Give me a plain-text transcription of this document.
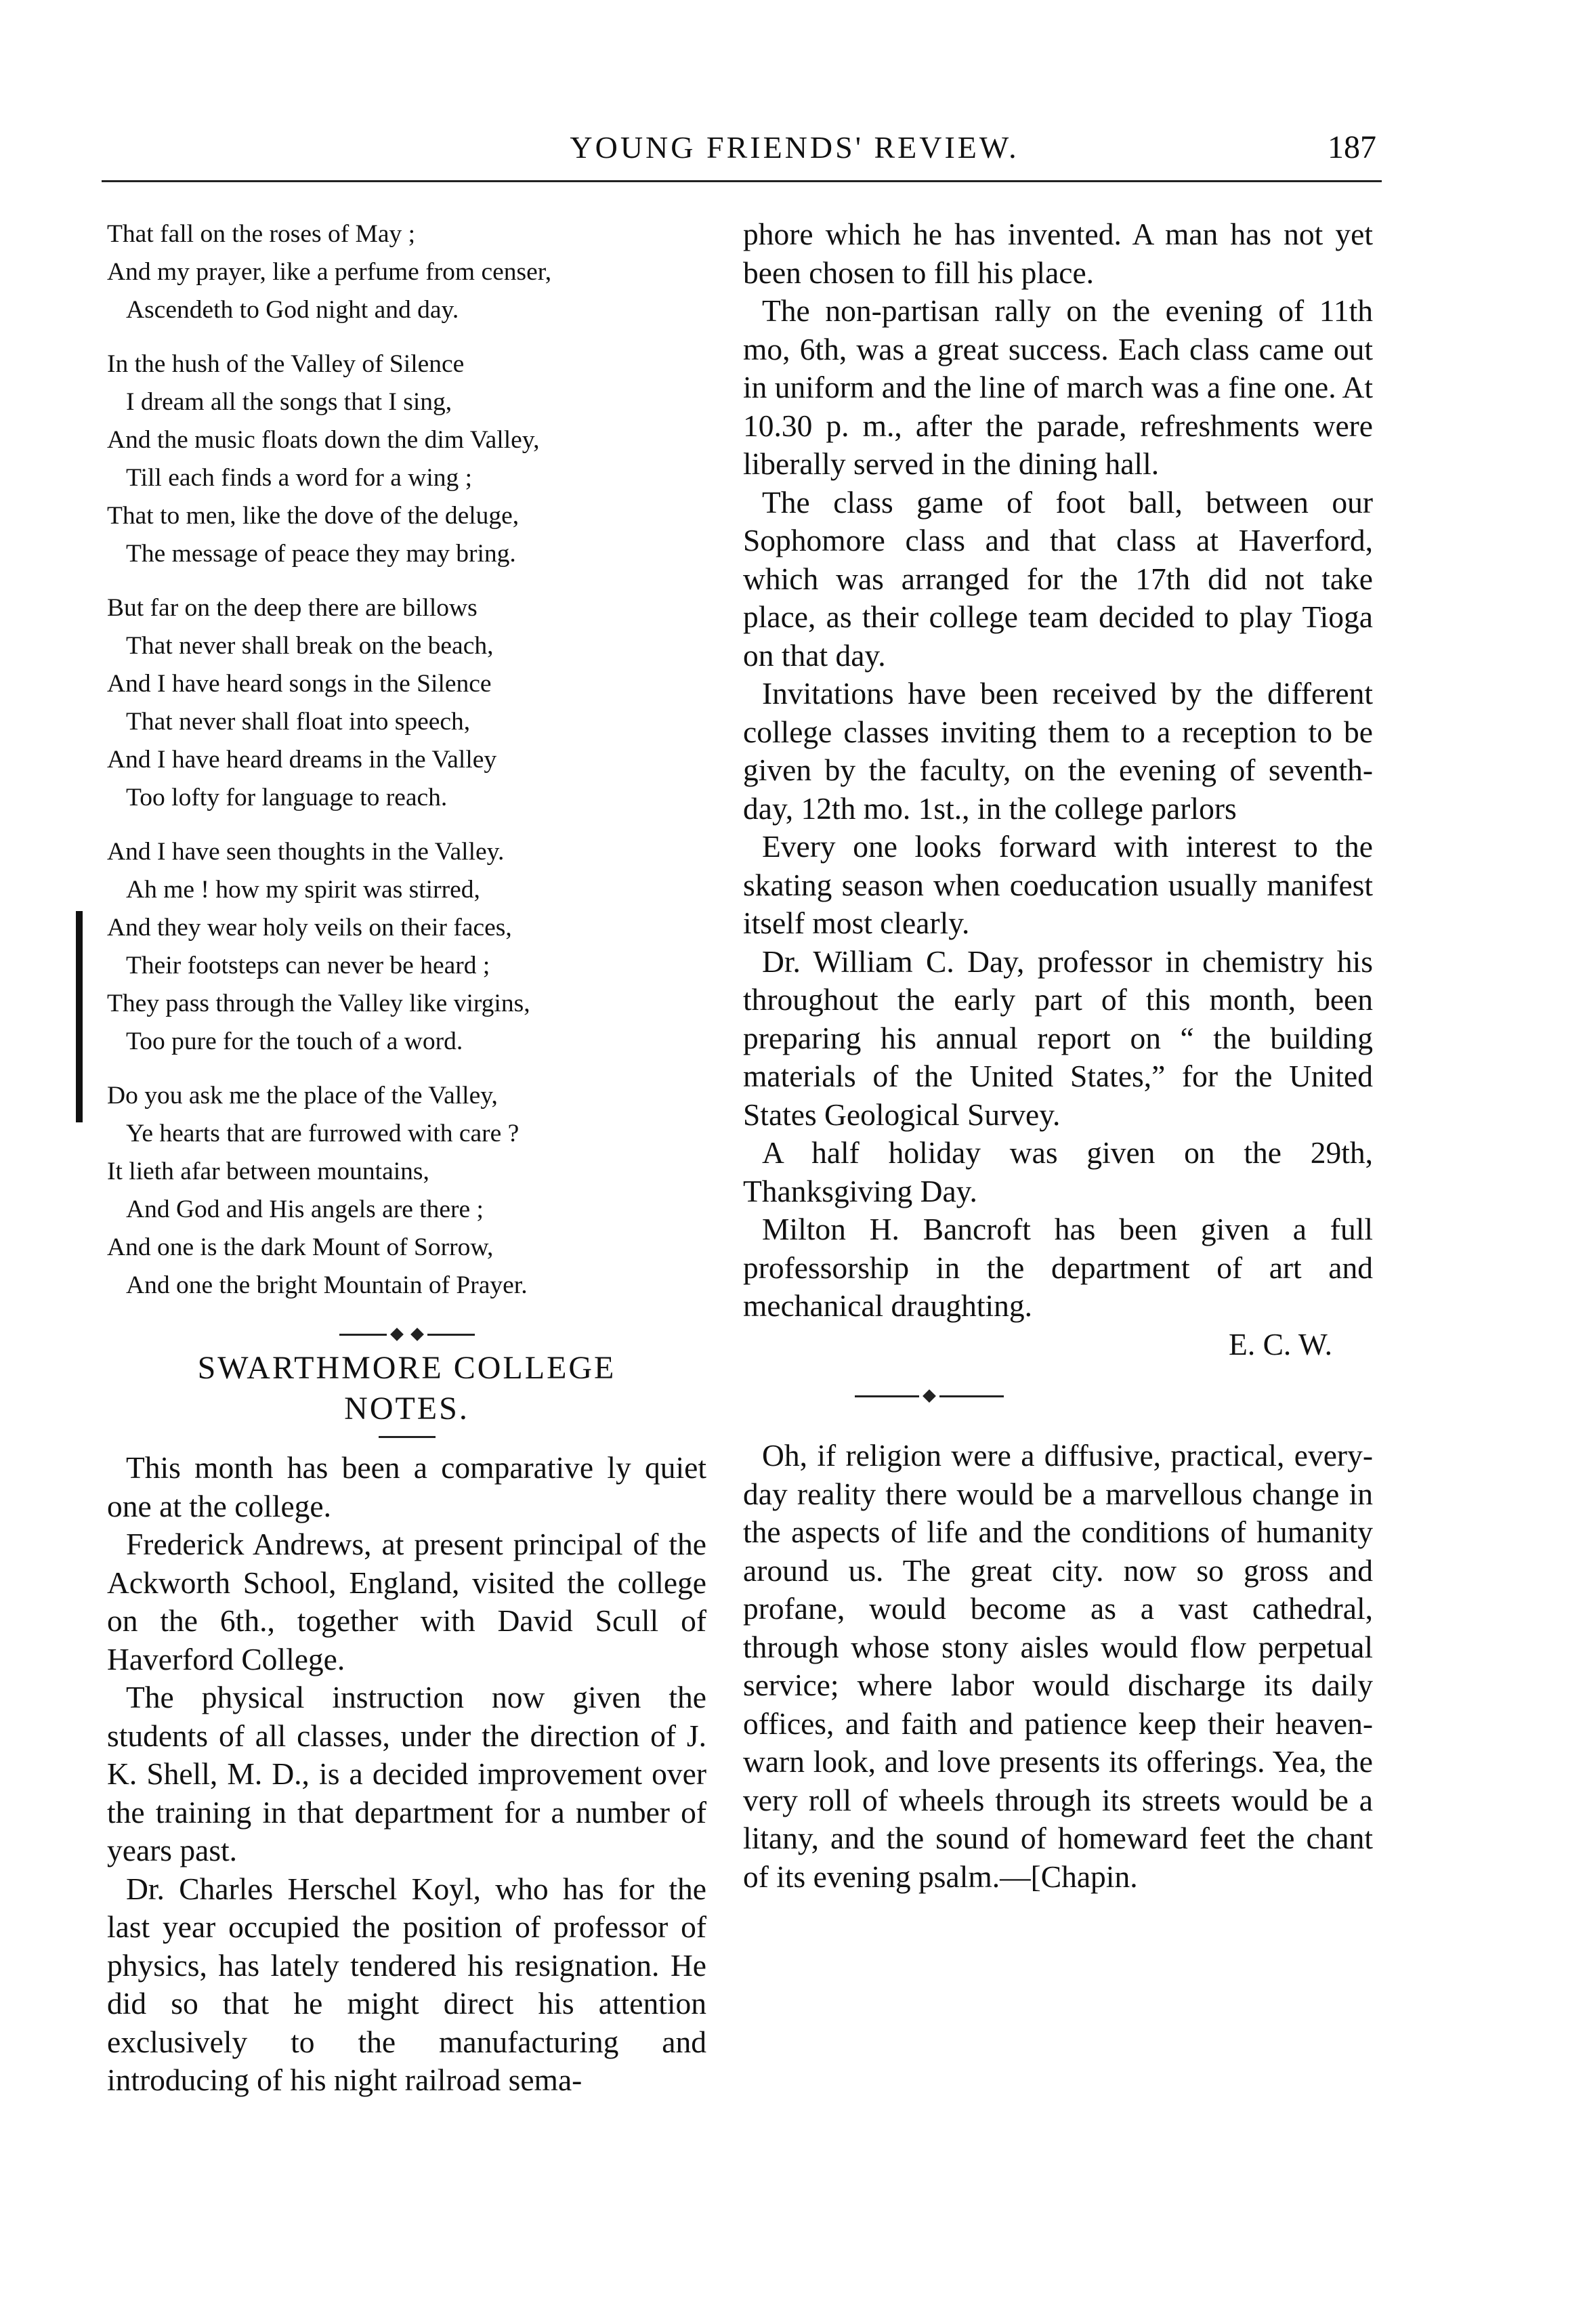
YOUNG FRIENDS' REVIEW.	187
That fall on the roses of May ;
And my prayer, like a perfume from censer,
Ascendeth to God night and day.
In the hush of the Valley of Silence
I dream all the songs that I sing,
And the music floats down the dim Valley,
Till each finds a word for a wing ;
That to men, like the dove of the deluge,
The message of peace they may bring.
But far on the deep there are billows
That never shall break on the beach,
And I have heard songs in the Silence
That never shall float into speech,
And I have heard dreams in the Valley
Too lofty for language to reach.
And I have seen thoughts in the Valley.
Ah me ! how my spirit was stirred,
And they wear holy veils on their faces,
Their footsteps can never be heard ;
They pass through the Valley like virgins,
Too pure for the touch of a word.
Do you ask me the place of the Valley,
Ye hearts that are furrowed with care ?
It lieth afar between mountains,
And God and His angels are there ;
And one is the dark Mount of Sorrow,
And one the bright Mountain of Prayer.
SWARTHMORE COLLEGE
NOTES.

This month has been a comparative ly quiet one at the college.

Frederick Andrews, at present principal of the Ackworth School, England, visited the college on the 6th., together with David Scull of Haverford College.

The physical instruction now given the students of all classes, under the direction of J. K. Shell, M. D., is a decided improvement over the training in that department for a number of years past.

Dr. Charles Herschel Koyl, who has for the last year occupied the position of professor of physics, has lately tendered his resignation. He did so that he might direct his attention exclusively to the manufacturing and introducing of his night railroad sema-

phore which he has invented. A man has not yet been chosen to fill his place.

The non-partisan rally on the evening of 11th mo, 6th, was a great success. Each class came out in uniform and the line of march was a fine one. At 10.30 p. m., after the parade, refreshments were liberally served in the dining hall.

The class game of foot ball, between our Sophomore class and that class at Haverford, which was arranged for the 17th did not take place, as their college team decided to play Tioga on that day.

Invitations have been received by the different college classes inviting them to a reception to be given by the faculty, on the evening of seventh-day, 12th mo. 1st., in the college parlors

Every one looks forward with interest to the skating season when coeducation usually manifest itself most clearly.

Dr. William C. Day, professor in chemistry his throughout the early part of this month, been preparing his annual report on “ the building materials of the United States,” for the United States Geological Survey.

A half holiday was given on the 29th, Thanksgiving Day.

Milton H. Bancroft has been given a full professorship in the department of art and mechanical draughting.

E. C. W.

Oh, if religion were a diffusive, practical, every-day reality there would be a marvellous change in the aspects of life and the conditions of humanity around us. The great city. now so gross and profane, would become as a vast cathedral, through whose stony aisles would flow perpetual service; where labor would discharge its daily offices, and faith and patience keep their heaven-warn look, and love presents its offerings. Yea, the very roll of wheels through its streets would be a litany, and the sound of homeward feet the chant of its evening psalm.—[Chapin.
